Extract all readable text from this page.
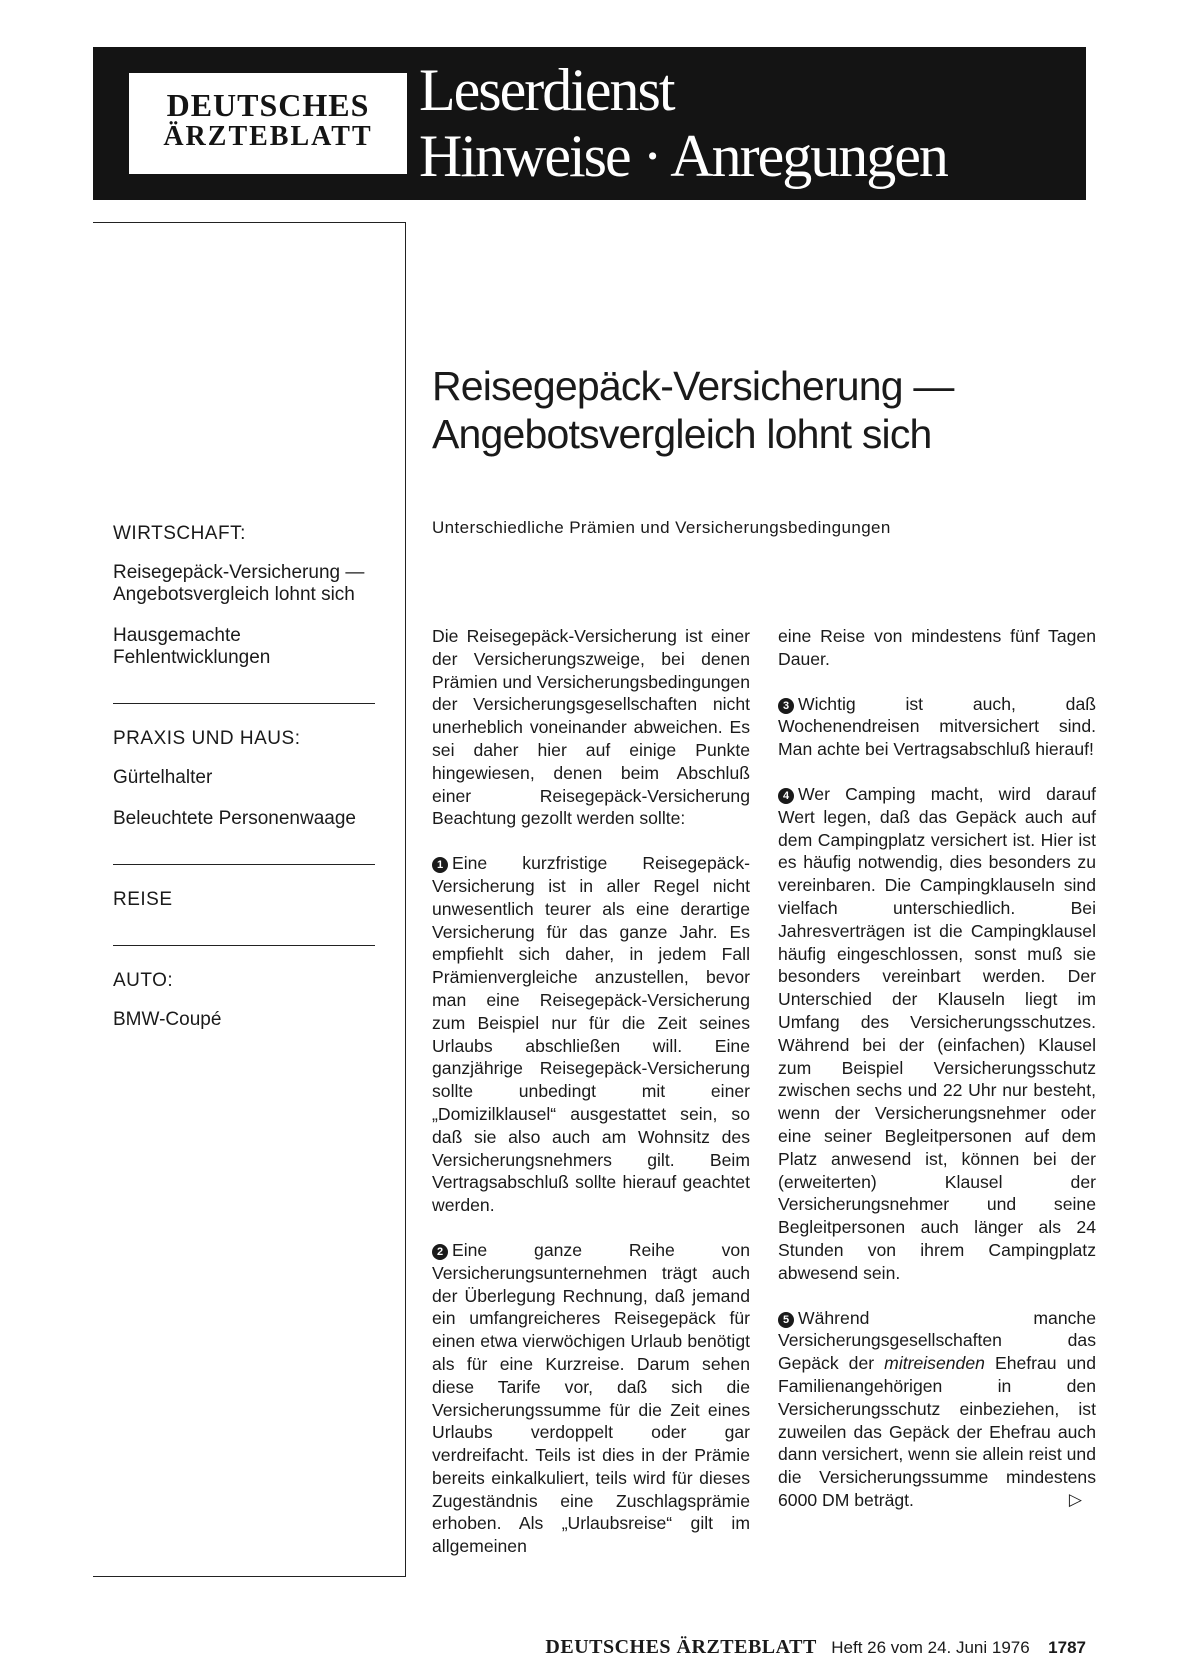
DEUTSCHES
ÄRZTEBLATT
Leserdienst
Hinweise · Anregungen
WIRTSCHAFT:
Reisegepäck-Versicherung — Angebotsvergleich lohnt sich
Hausgemachte Fehlentwicklungen
PRAXIS UND HAUS:
Gürtelhalter
Beleuchtete Personenwaage
REISE
AUTO:
BMW-Coupé
Reisegepäck-Versicherung —
Angebotsvergleich lohnt sich
Unterschiedliche Prämien und Versicherungsbedingungen

Die Reisegepäck-Versicherung ist einer der Versicherungszweige, bei denen Prämien und Versicherungsbedingungen der Versicherungsgesellschaften nicht unerheblich voneinander abweichen. Es sei daher hier auf einige Punkte hingewiesen, denen beim Abschluß einer Reisegepäck-Versicherung Beachtung gezollt werden sollte:

1 Eine kurzfristige Reisegepäck-Versicherung ist in aller Regel nicht unwesentlich teurer als eine derartige Versicherung für das ganze Jahr. Es empfiehlt sich daher, in jedem Fall Prämienvergleiche anzustellen, bevor man eine Reisegepäck-Versicherung zum Beispiel nur für die Zeit seines Urlaubs abschließen will. Eine ganzjährige Reisegepäck-Versicherung sollte unbedingt mit einer „Domizilklausel“ ausgestattet sein, so daß sie also auch am Wohnsitz des Versicherungsnehmers gilt. Beim Vertragsabschluß sollte hierauf geachtet werden.

2 Eine ganze Reihe von Versicherungsunternehmen trägt auch der Überlegung Rechnung, daß jemand ein umfangreicheres Reisegepäck für einen etwa vierwöchigen Urlaub benötigt als für eine Kurzreise. Darum sehen diese Tarife vor, daß sich die Versicherungssumme für die Zeit eines Urlaubs verdoppelt oder gar verdreifacht. Teils ist dies in der Prämie bereits einkalkuliert, teils wird für dieses Zugeständnis eine Zuschlagsprämie erhoben. Als „Urlaubsreise“ gilt im allgemeinen

eine Reise von mindestens fünf Tagen Dauer.

3 Wichtig ist auch, daß Wochenendreisen mitversichert sind. Man achte bei Vertragsabschluß hierauf!

4 Wer Camping macht, wird darauf Wert legen, daß das Gepäck auch auf dem Campingplatz versichert ist. Hier ist es häufig notwendig, dies besonders zu vereinbaren. Die Campingklauseln sind vielfach unterschiedlich. Bei Jahresverträgen ist die Campingklausel häufig eingeschlossen, sonst muß sie besonders vereinbart werden. Der Unterschied der Klauseln liegt im Umfang des Versicherungsschutzes. Während bei der (einfachen) Klausel zum Beispiel Versicherungsschutz zwischen sechs und 22 Uhr nur besteht, wenn der Versicherungsnehmer oder eine seiner Begleitpersonen auf dem Platz anwesend ist, können bei der (erweiterten) Klausel der Versicherungsnehmer und seine Begleitpersonen auch länger als 24 Stunden von ihrem Campingplatz abwesend sein.

5 Während manche Versicherungsgesellschaften das Gepäck der mitreisenden Ehefrau und Familienangehörigen in den Versicherungsschutz einbeziehen, ist zuweilen das Gepäck der Ehefrau auch dann versichert, wenn sie allein reist und die Versicherungssumme mindestens 6000 DM beträgt.	▷

DEUTSCHES ÄRZTEBLATT Heft 26 vom 24. Juni 1976 1787
